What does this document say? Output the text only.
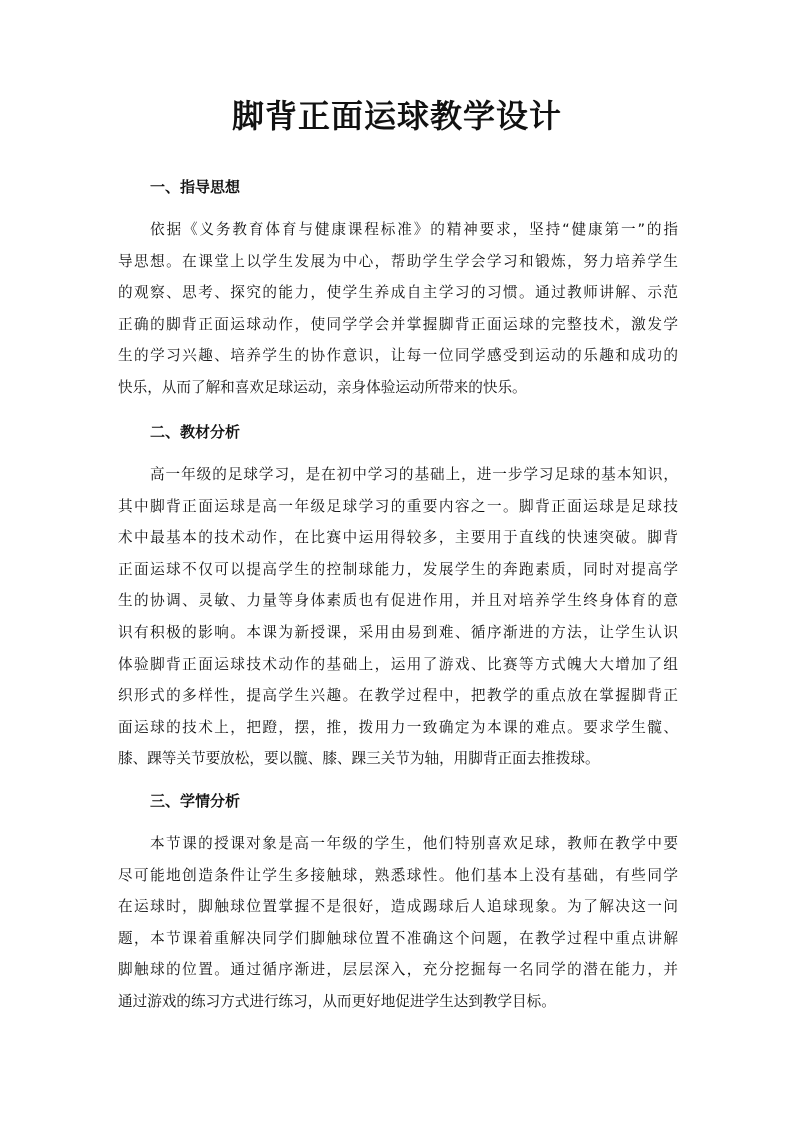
脚背正面运球教学设计
一、指导思想

依据《义务教育体育与健康课程标准》的精神要求，坚持“健康第一”的指
导思想。在课堂上以学生发展为中心，帮助学生学会学习和锻炼，努力培养学生
的观察、思考、探究的能力，使学生养成自主学习的习惯。通过教师讲解、示范
正确的脚背正面运球动作，使同学学会并掌握脚背正面运球的完整技术，激发学
生的学习兴趣、培养学生的协作意识，让每一位同学感受到运动的乐趣和成功的
快乐，从而了解和喜欢足球运动，亲身体验运动所带来的快乐。

二、教材分析

高一年级的足球学习，是在初中学习的基础上，进一步学习足球的基本知识，
其中脚背正面运球是高一年级足球学习的重要内容之一。脚背正面运球是足球技
术中最基本的技术动作，在比赛中运用得较多，主要用于直线的快速突破。脚背
正面运球不仅可以提高学生的控制球能力，发展学生的奔跑素质，同时对提高学
生的协调、灵敏、力量等身体素质也有促进作用，并且对培养学生终身体育的意
识有积极的影响。本课为新授课，采用由易到难、循序渐进的方法，让学生认识
体验脚背正面运球技术动作的基础上，运用了游戏、比赛等方式魄大大增加了组
织形式的多样性，提高学生兴趣。在教学过程中，把教学的重点放在掌握脚背正
面运球的技术上，把蹬，摆，推，拨用力一致确定为本课的难点。要求学生髋、
膝、踝等关节要放松，要以髋、膝、踝三关节为轴，用脚背正面去推拨球。

三、学情分析

本节课的授课对象是高一年级的学生，他们特别喜欢足球，教师在教学中要
尽可能地创造条件让学生多接触球，熟悉球性。他们基本上没有基础，有些同学
在运球时，脚触球位置掌握不是很好，造成踢球后人追球现象。为了解决这一问
题，本节课着重解决同学们脚触球位置不准确这个问题，在教学过程中重点讲解
脚触球的位置。通过循序渐进，层层深入，充分挖掘每一名同学的潜在能力，并
通过游戏的练习方式进行练习，从而更好地促进学生达到教学目标。
